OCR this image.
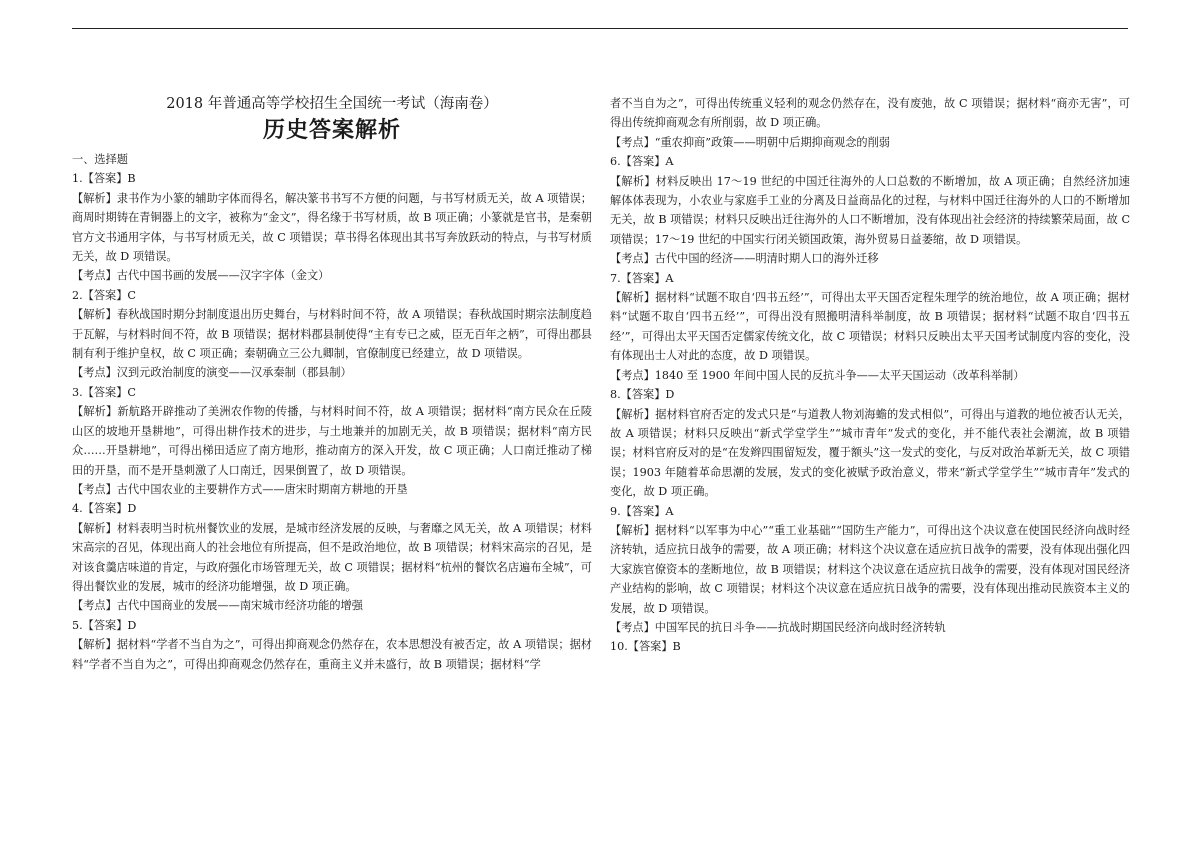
2018 年普通高等学校招生全国统一考试（海南卷）
历史答案解析
一、选择题

1.【答案】B

【解析】隶书作为小篆的辅助字体而得名，解决篆书书写不方便的问题，与书写材质无关，故 A 项错误；商周时期铸在青铜器上的文字，被称为“金文”，得名缘于书写材质，故 B 项正确；小篆就是官书，是秦朝官方文书通用字体，与书写材质无关，故 C 项错误；草书得名体现出其书写奔放跃动的特点，与书写材质无关，故 D 项错误。

【考点】古代中国书画的发展——汉字字体（金文）

2.【答案】C

【解析】春秋战国时期分封制度退出历史舞台，与材料时间不符，故 A 项错误；春秋战国时期宗法制度趋于瓦解，与材料时间不符，故 B 项错误；据材料郡县制使得“主有专已之威，臣无百年之柄”，可得出郡县制有利于维护皇权，故 C 项正确；秦朝确立三公九卿制，官僚制度已经建立，故 D 项错误。

【考点】汉到元政治制度的演变——汉承秦制（郡县制）

3.【答案】C

【解析】新航路开辟推动了美洲农作物的传播，与材料时间不符，故 A 项错误；据材料“南方民众在丘陵山区的坡地开垦耕地”，可得出耕作技术的进步，与土地兼并的加剧无关，故 B 项错误；据材料“南方民众……开垦耕地”，可得出梯田适应了南方地形，推动南方的深入开发，故 C 项正确；人口南迁推动了梯田的开垦，而不是开垦刺激了人口南迁，因果倒置了，故 D 项错误。

【考点】古代中国农业的主要耕作方式——唐宋时期南方耕地的开垦

4.【答案】D

【解析】材料表明当时杭州餐饮业的发展，是城市经济发展的反映，与奢靡之风无关，故 A 项错误；材料宋高宗的召见，体现出商人的社会地位有所提高，但不是政治地位，故 B 项错误；材料宋高宗的召见，是对该食羹店味道的肯定，与政府强化市场管理无关，故 C 项错误；据材料“杭州的餐饮名店遍布全城”，可得出餐饮业的发展，城市的经济功能增强，故 D 项正确。

【考点】古代中国商业的发展——南宋城市经济功能的增强

5.【答案】D

【解析】据材料“学者不当自为之”，可得出抑商观念仍然存在，农本思想没有被否定，故 A 项错误；据材料“学者不当自为之”，可得出抑商观念仍然存在，重商主义并未盛行，故 B 项错误；据材料“学

者不当自为之”，可得出传统重义轻利的观念仍然存在，没有废弛，故 C 项错误；据材料“商亦无害”，可得出传统抑商观念有所削弱，故 D 项正确。

【考点】“重农抑商”政策——明朝中后期抑商观念的削弱

6.【答案】A

【解析】材料反映出 17～19 世纪的中国迁往海外的人口总数的不断增加，故 A 项正确；自然经济加速解体体表现为，小农业与家庭手工业的分离及日益商品化的过程，与材料中国迁往海外的人口的不断增加无关，故 B 项错误；材料只反映出迁往海外的人口不断增加，没有体现出社会经济的持续繁荣局面，故 C 项错误；17～19 世纪的中国实行闭关锁国政策，海外贸易日益萎缩，故 D 项错误。

【考点】古代中国的经济——明清时期人口的海外迁移

7.【答案】A

【解析】据材料“试题不取自‘四书五经’”，可得出太平天国否定程朱理学的统治地位，故 A 项正确；据材料“试题不取自‘四书五经’”，可得出没有照搬明清科举制度，故 B 项错误；据材料“试题不取自‘四书五经’”，可得出太平天国否定儒家传统文化，故 C 项错误；材料只反映出太平天国考试制度内容的变化，没有体现出士人对此的态度，故 D 项错误。

【考点】1840 至 1900 年间中国人民的反抗斗争——太平天国运动（改革科举制）

8.【答案】D

【解析】据材料官府否定的发式只是“与道教人物刘海蟾的发式相似”，可得出与道教的地位被否认无关，故 A 项错误；材料只反映出“新式学堂学生”“城市青年”发式的变化，并不能代表社会潮流，故 B 项错误；材料官府反对的是“在发辫四围留短发，覆于额头”这一发式的变化，与反对政治革新无关，故 C 项错误；1903 年随着革命思潮的发展，发式的变化被赋予政治意义，带来“新式学堂学生”“城市青年”发式的变化，故 D 项正确。

9.【答案】A

【解析】据材料“以军事为中心”“重工业基础”“国防生产能力”，可得出这个决议意在使国民经济向战时经济转轨，适应抗日战争的需要，故 A 项正确；材料这个决议意在适应抗日战争的需要，没有体现出强化四大家族官僚资本的垄断地位，故 B 项错误；材料这个决议意在适应抗日战争的需要，没有体现对国民经济产业结构的影响，故 C 项错误；材料这个决议意在适应抗日战争的需要，没有体现出推动民族资本主义的发展，故 D 项错误。

【考点】中国军民的抗日斗争——抗战时期国民经济向战时经济转轨

10.【答案】B
